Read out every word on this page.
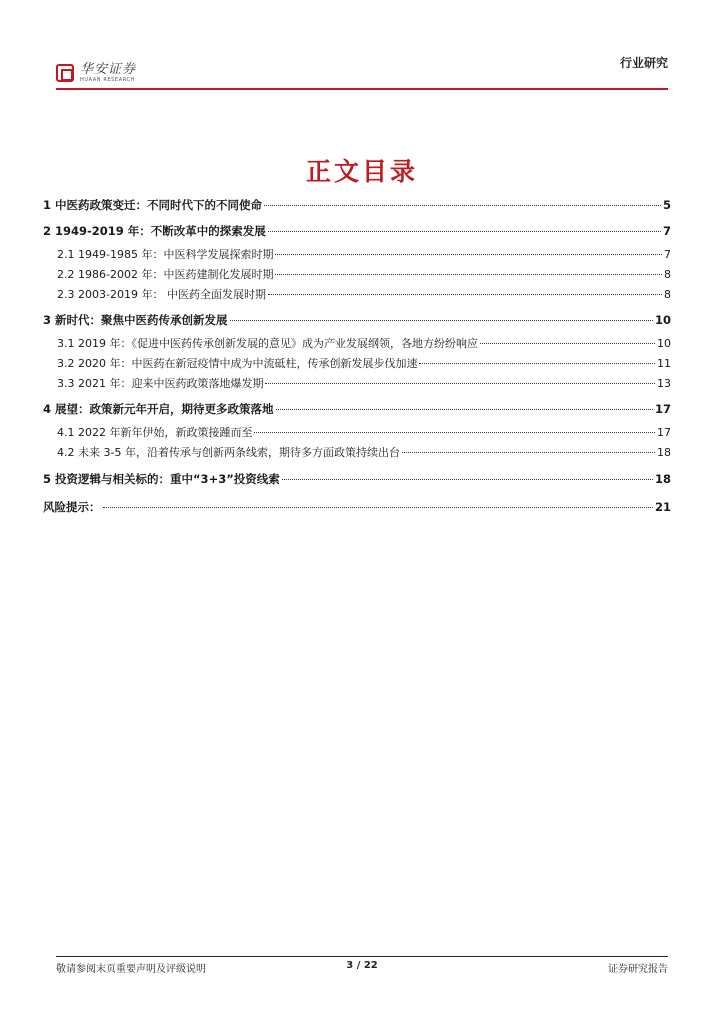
华安证券
HUAAN RESEARCH
行业研究
正文目录
1 中医药政策变迁：不同时代下的不同使命	5
2 1949-2019 年：不断改革中的探索发展	7
2.1 1949-1985 年：中医科学发展探索时期	7
2.2 1986-2002 年：中医药建制化发展时期	8
2.3 2003-2019 年： 中医药全面发展时期	8
3 新时代：聚焦中医药传承创新发展	10
3.1 2019 年：《促进中医药传承创新发展的意见》成为产业发展纲领，各地方纷纷响应	10
3.2 2020 年：中医药在新冠疫情中成为中流砥柱，传承创新发展步伐加速	11
3.3 2021 年：迎来中医药政策落地爆发期	13
4 展望：政策新元年开启，期待更多政策落地	17
4.1 2022 年新年伊始，新政策接踵而至	17
4.2 未来 3-5 年，沿着传承与创新两条线索，期待多方面政策持续出台	18
5 投资逻辑与相关标的：重中“3+3”投资线索	18
风险提示：	21
敬请参阅末页重要声明及评级说明	3 / 22	证券研究报告
